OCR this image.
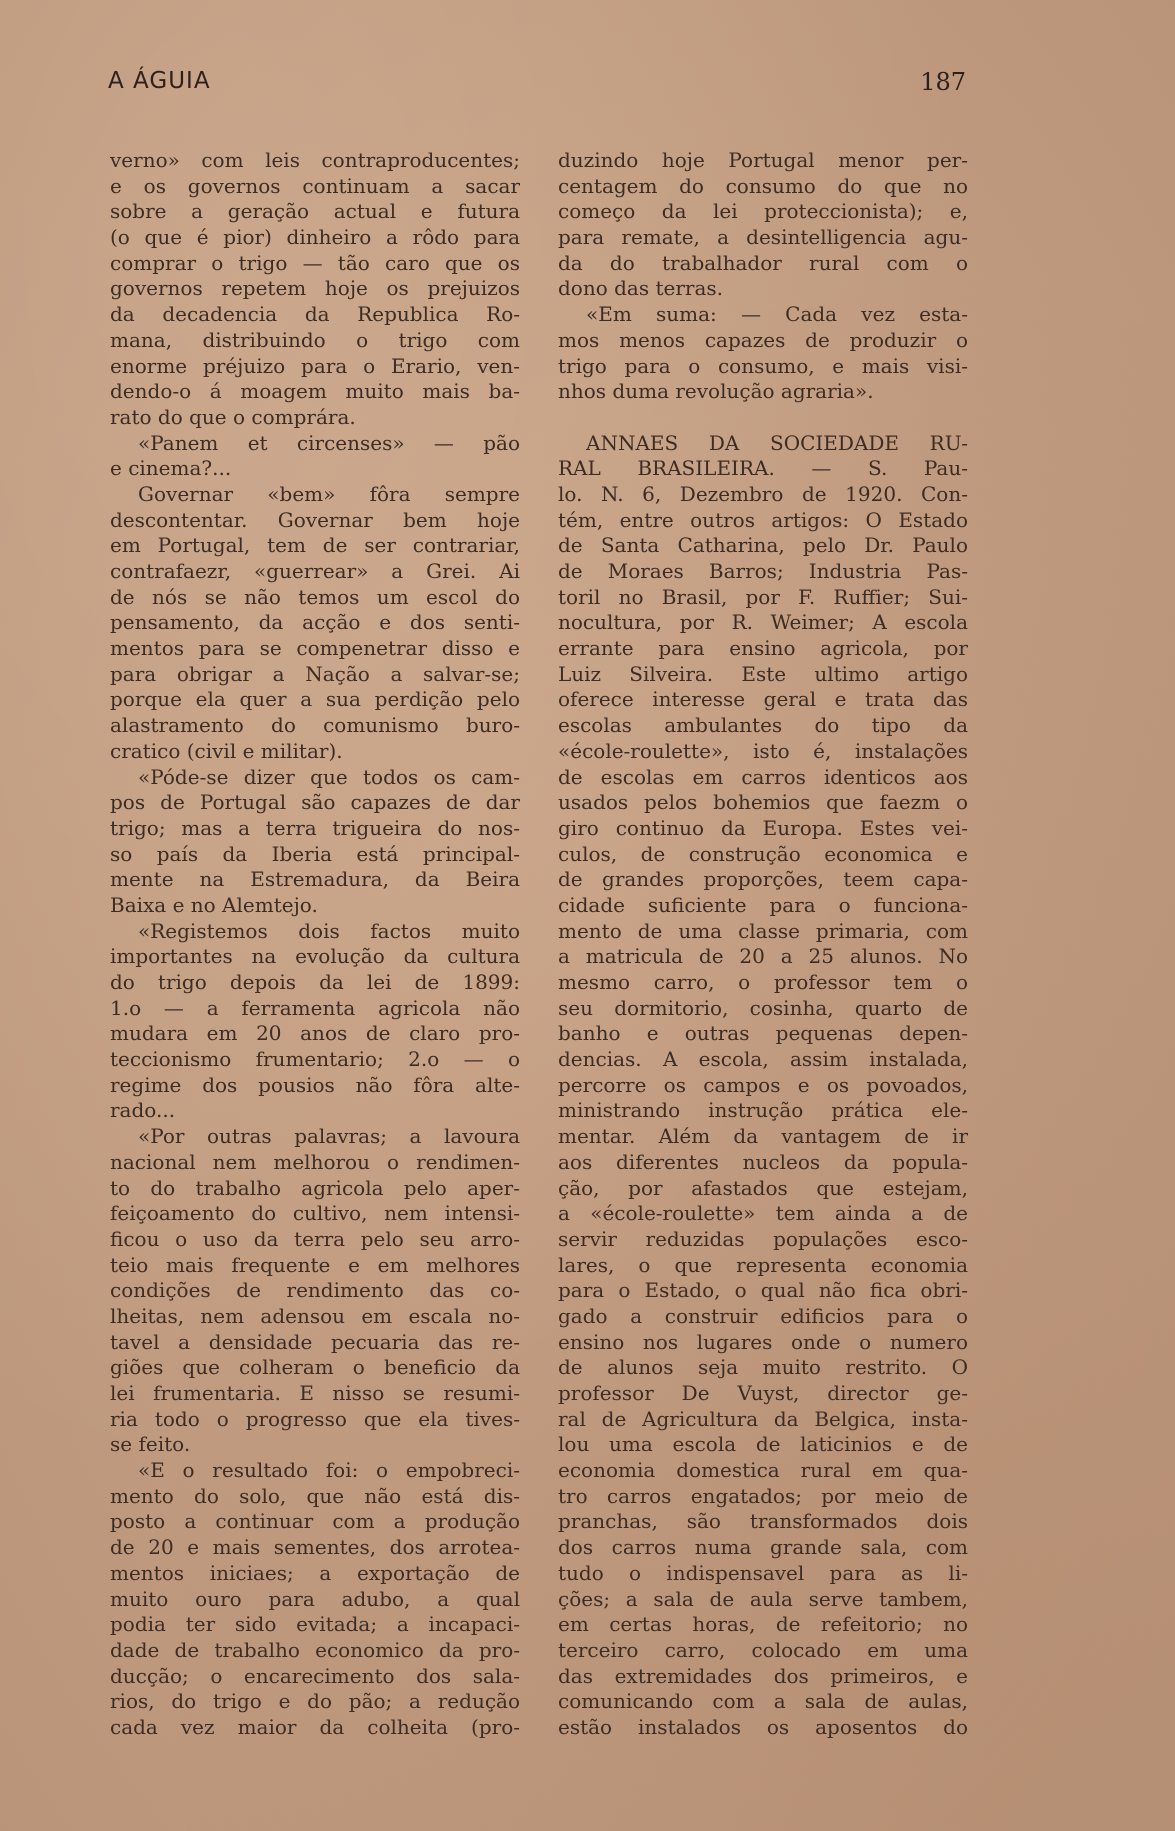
A ÁGUIA	187
verno» com leis contraproducentes;
e os governos continuam a sacar
sobre a geração actual e futura
(o que é pior) dinheiro a rôdo para
comprar o trigo — tão caro que os
governos repetem hoje os prejuizos
da decadencia da Republica Ro-
mana, distribuindo o trigo com
enorme préjuizo para o Erario, ven-
dendo-o á moagem muito mais ba-
rato do que o comprára.
«Panem et circenses» — pão
e cinema?...
Governar «bem» fôra sempre
descontentar. Governar bem hoje
em Portugal, tem de ser contrariar,
contrafaezr, «guerrear» a Grei. Ai
de nós se não temos um escol do
pensamento, da acção e dos senti-
mentos para se compenetrar disso e
para obrigar a Nação a salvar-se;
porque ela quer a sua perdição pelo
alastramento do comunismo buro-
cratico (civil e militar).
«Póde-se dizer que todos os cam-
pos de Portugal são capazes de dar
trigo; mas a terra trigueira do nos-
so país da Iberia está principal-
mente na Estremadura, da Beira
Baixa e no Alemtejo.
«Registemos dois factos muito
importantes na evolução da cultura
do trigo depois da lei de 1899:
1.o — a ferramenta agricola não
mudara em 20 anos de claro pro-
teccionismo frumentario; 2.o — o
regime dos pousios não fôra alte-
rado...
«Por outras palavras; a lavoura
nacional nem melhorou o rendimen-
to do trabalho agricola pelo aper-
feiçoamento do cultivo, nem intensi-
ficou o uso da terra pelo seu arro-
teio mais frequente e em melhores
condições de rendimento das co-
lheitas, nem adensou em escala no-
tavel a densidade pecuaria das re-
giões que colheram o beneficio da
lei frumentaria. E nisso se resumi-
ria todo o progresso que ela tives-
se feito.
«E o resultado foi: o empobreci-
mento do solo, que não está dis-
posto a continuar com a produção
de 20 e mais sementes, dos arrotea-
mentos iniciaes; a exportação de
muito ouro para adubo, a qual
podia ter sido evitada; a incapaci-
dade de trabalho economico da pro-
ducção; o encarecimento dos sala-
rios, do trigo e do pão; a redução
cada vez maior da colheita (pro-
duzindo hoje Portugal menor per-
centagem do consumo do que no
começo da lei proteccionista); e,
para remate, a desintelligencia agu-
da do trabalhador rural com o
dono das terras.
«Em suma: — Cada vez esta-
mos menos capazes de produzir o
trigo para o consumo, e mais visi-
nhos duma revolução agraria».
ANNAES DA SOCIEDADE RU-
RAL BRASILEIRA. — S. Pau-
lo. N. 6, Dezembro de 1920. Con-
tém, entre outros artigos: O Estado
de Santa Catharina, pelo Dr. Paulo
de Moraes Barros; Industria Pas-
toril no Brasil, por F. Ruffier; Sui-
nocultura, por R. Weimer; A escola
errante para ensino agricola, por
Luiz Silveira. Este ultimo artigo
oferece interesse geral e trata das
escolas ambulantes do tipo da
«école-roulette», isto é, instalações
de escolas em carros identicos aos
usados pelos bohemios que faezm o
giro continuo da Europa. Estes vei-
culos, de construção economica e
de grandes proporções, teem capa-
cidade suficiente para o funciona-
mento de uma classe primaria, com
a matricula de 20 a 25 alunos. No
mesmo carro, o professor tem o
seu dormitorio, cosinha, quarto de
banho e outras pequenas depen-
dencias. A escola, assim instalada,
percorre os campos e os povoados,
ministrando instrução prática ele-
mentar. Além da vantagem de ir
aos diferentes nucleos da popula-
ção, por afastados que estejam,
a «école-roulette» tem ainda a de
servir reduzidas populações esco-
lares, o que representa economia
para o Estado, o qual não fica obri-
gado a construir edificios para o
ensino nos lugares onde o numero
de alunos seja muito restrito. O
professor De Vuyst, director ge-
ral de Agricultura da Belgica, insta-
lou uma escola de laticinios e de
economia domestica rural em qua-
tro carros engatados; por meio de
pranchas, são transformados dois
dos carros numa grande sala, com
tudo o indispensavel para as li-
ções; a sala de aula serve tambem,
em certas horas, de refeitorio; no
terceiro carro, colocado em uma
das extremidades dos primeiros, e
comunicando com a sala de aulas,
estão instalados os aposentos do
